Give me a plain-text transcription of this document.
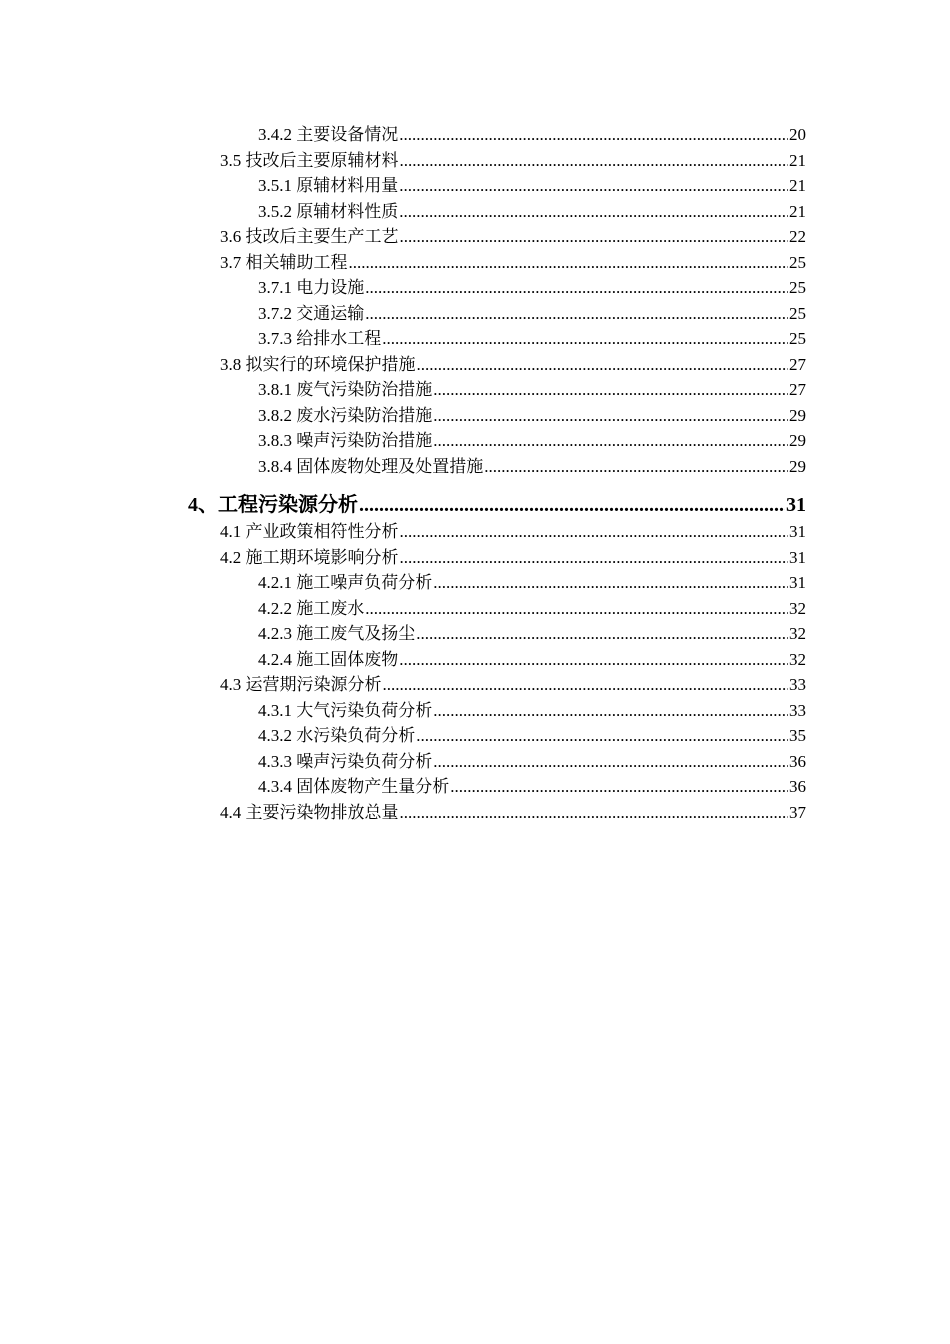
3.4.2 主要设备情况 .....	20
3.5 技改后主要原辅材料 .....	21
3.5.1 原辅材料用量 .....	21
3.5.2 原辅材料性质 .....	21
3.6 技改后主要生产工艺 .....	22
3.7 相关辅助工程 .....	25
3.7.1 电力设施 .....	25
3.7.2 交通运输 .....	25
3.7.3 给排水工程 .....	25
3.8 拟实行的环境保护措施 .....	27
3.8.1 废气污染防治措施 .....	27
3.8.2 废水污染防治措施 .....	29
3.8.3 噪声污染防治措施 .....	29
3.8.4 固体废物处理及处置措施 .....	29
4、工程污染源分析 .....	31
4.1 产业政策相符性分析 .....	31
4.2 施工期环境影响分析 .....	31
4.2.1 施工噪声负荷分析 .....	31
4.2.2 施工废水 .....	32
4.2.3 施工废气及扬尘 .....	32
4.2.4 施工固体废物 .....	32
4.3 运营期污染源分析 .....	33
4.3.1 大气污染负荷分析 .....	33
4.3.2 水污染负荷分析 .....	35
4.3.3 噪声污染负荷分析 .....	36
4.3.4 固体废物产生量分析 .....	36
4.4 主要污染物排放总量 .....	37
